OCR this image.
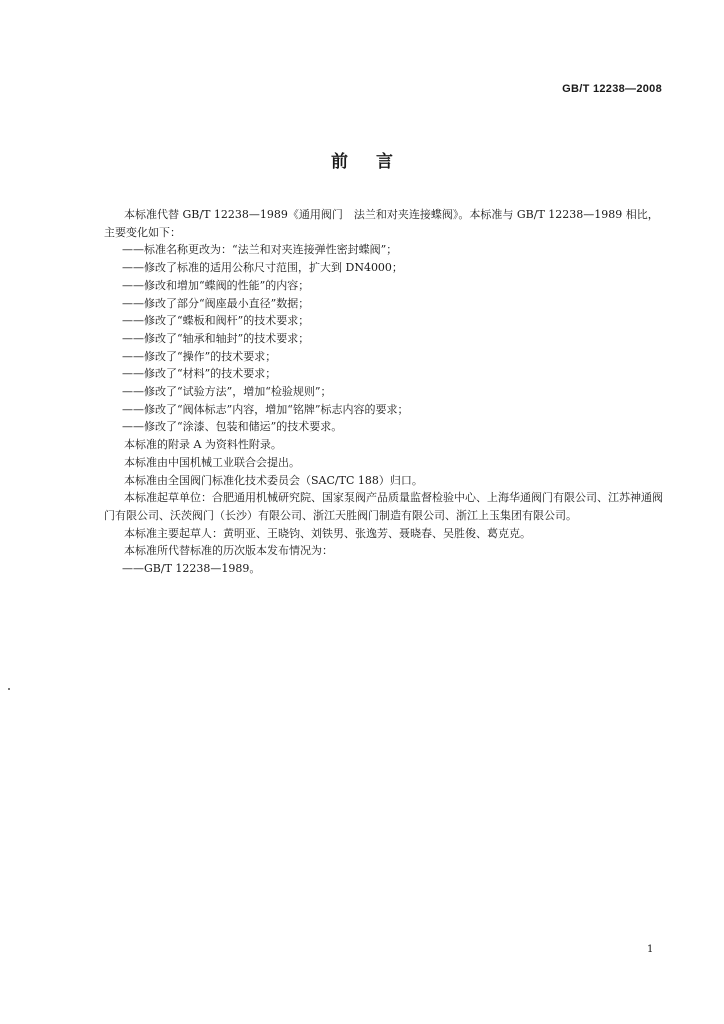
GB/T 12238—2008
前言

本标准代替 GB/T 12238—1989《通用阀门　法兰和对夹连接蝶阀》。本标准与 GB/T 12238—1989 相比，主要变化如下：

——标准名称更改为：“法兰和对夹连接弹性密封蝶阀”；

——修改了标准的适用公称尺寸范围，扩大到 DN4000；

——修改和增加“蝶阀的性能”的内容；

——修改了部分“阀座最小直径”数据；

——修改了“蝶板和阀杆”的技术要求；

——修改了“轴承和轴封”的技术要求；

——修改了“操作”的技术要求；

——修改了“材料”的技术要求；

——修改了“试验方法”，增加“检验规则”；

——修改了“阀体标志”内容，增加“铭牌”标志内容的要求；

——修改了“涂漆、包装和储运”的技术要求。

本标准的附录 A 为资料性附录。

本标准由中国机械工业联合会提出。

本标准由全国阀门标准化技术委员会（SAC/TC 188）归口。

本标准起草单位：合肥通用机械研究院、国家泵阀产品质量监督检验中心、上海华通阀门有限公司、江苏神通阀门有限公司、沃茨阀门（长沙）有限公司、浙江天胜阀门制造有限公司、浙江上玉集团有限公司。

本标准主要起草人：黄明亚、王晓钧、刘铁男、张逸芳、聂晓春、吴胜俊、葛克克。

本标准所代替标准的历次版本发布情况为：

——GB/T 12238—1989。

1
